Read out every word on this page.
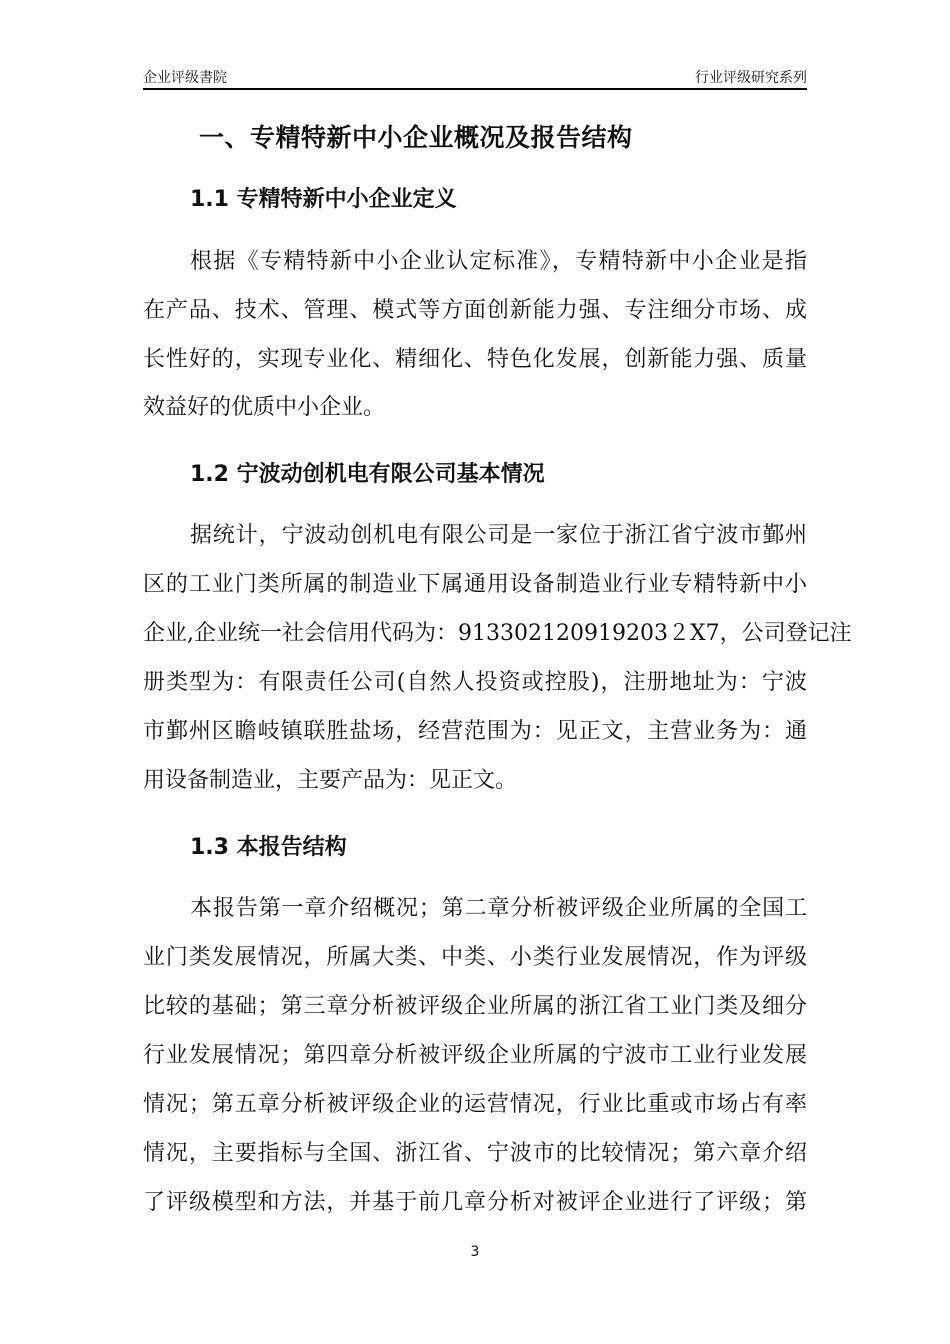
企业评级書院	行业评级研究系列
一、专精特新中小企业概况及报告结构
1.1 专精特新中小企业定义
根据《专精特新中小企业认定标准》，专精特新中小企业是指
在产品、技术、管理、模式等方面创新能力强、专注细分市场、成
长性好的，实现专业化、精细化、特色化发展，创新能力强、质量
效益好的优质中小企业。
1.2 宁波动创机电有限公司基本情况
据统计，宁波动创机电有限公司是一家位于浙江省宁波市鄞州
区的工业门类所属的制造业下属通用设备制造业行业专精特新中小
企业,企业统一社会信用代码为：913302120919203２X7，公司登记注
册类型为：有限责任公司(自然人投资或控股)，注册地址为：宁波
市鄞州区瞻岐镇联胜盐场，经营范围为：见正文，主营业务为：通
用设备制造业，主要产品为：见正文。
1.3 本报告结构
本报告第一章介绍概况；第二章分析被评级企业所属的全国工
业门类发展情况，所属大类、中类、小类行业发展情况，作为评级
比较的基础；第三章分析被评级企业所属的浙江省工业门类及细分
行业发展情况；第四章分析被评级企业所属的宁波市工业行业发展
情况；第五章分析被评级企业的运营情况，行业比重或市场占有率
情况，主要指标与全国、浙江省、宁波市的比较情况；第六章介绍
了评级模型和方法，并基于前几章分析对被评企业进行了评级；第
3
